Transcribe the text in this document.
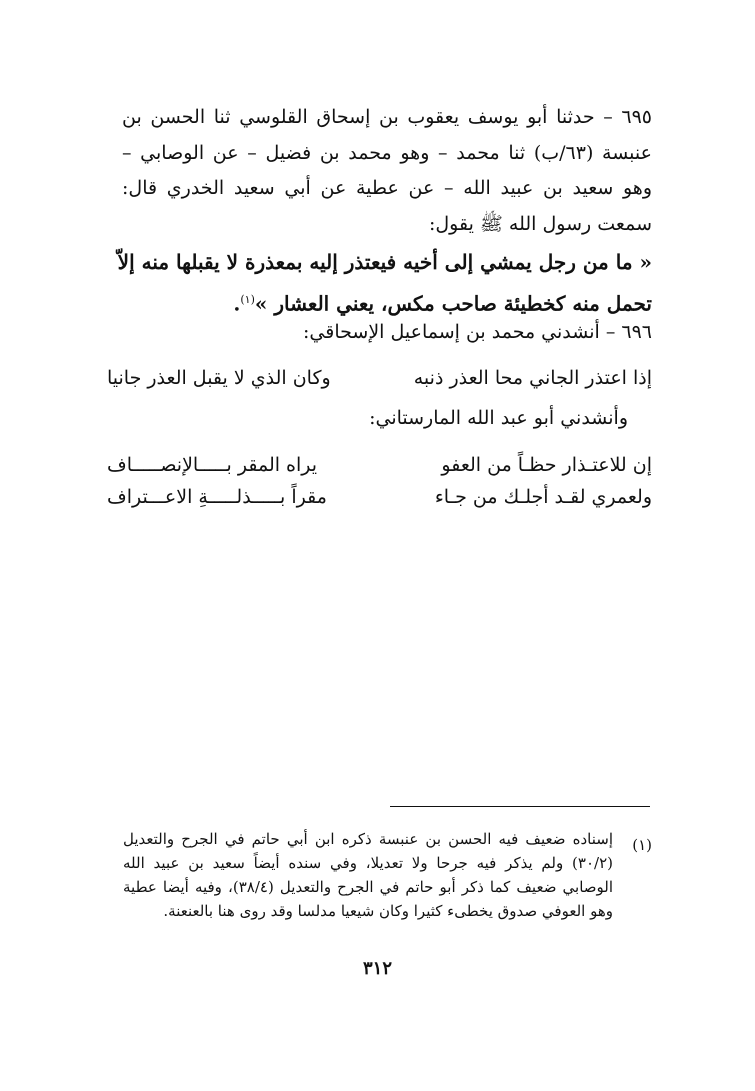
٦٩٥ – حدثنا أبو يوسف يعقوب بن إسحاق القلوسي ثنا الحسن بن عنبسة (٦٣/ب) ثنا محمد – وهو محمد بن فضيل – عن الوصابي – وهو سعيد بن عبيد الله – عن عطية عن أبي سعيد الخدري قال: سمعت رسول الله ﷺ يقول:

« ما من رجل يمشي إلى أخيه فيعتذر إليه بمعذرة لا يقبلها منه إلاّ
تحمل منه كخطيئة صاحب مكس، يعني العشار »$^{(١)}$.

٦٩٦ – أنشدني محمد بن إسماعيل الإسحاقي:

إذا اعتذر الجاني محا العذر ذنبه
وكان الذي لا يقبل العذر جانيا

وأنشدني أبو عبد الله المارستاني:

إن للاعتـذار حظـاً من العفو
يراه المقر بـــــالإنصـــــاف
ولعمري لقـد أجلـك من جـاء
مقراً بـــــذلـــــةِ الاعـــتراف
(١)

إسناده ضعيف فيه الحسن بن عنبسة ذكره ابن أبي حاتم في الجرح والتعديل (٣٠/٢) ولم يذكر فيه جرحا ولا تعديلا، وفي سنده أيضاً سعيد بن عبيد الله الوصابي ضعيف كما ذكر أبو حاتم في الجرح والتعديل (٣٨/٤)، وفيه أيضا عطية وهو العوفي صدوق يخطىء كثيرا وكان شيعيا مدلسا وقد روى هنا بالعنعنة.

٣١٢
